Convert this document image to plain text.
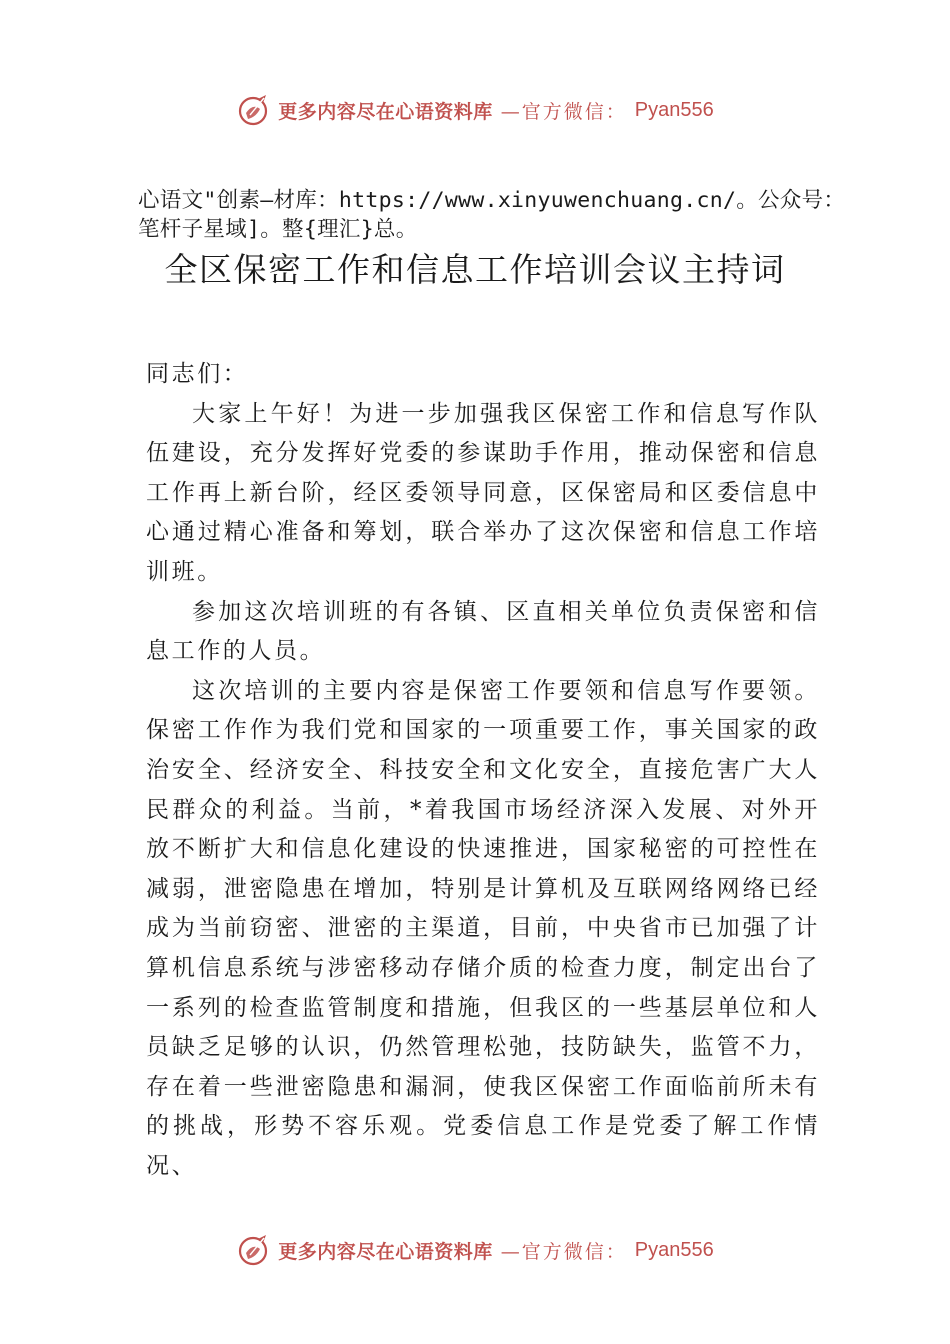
更多内容尽在心语资料库 —官方微信： Pyan556
心语文"创素—材库：https://www.xinyuwenchuang.cn/。公众号：笔杆子星域]。整{理汇}总。
全区保密工作和信息工作培训会议主持词

同志们：

大家上午好！为进一步加强我区保密工作和信息写作队伍建设，充分发挥好党委的参谋助手作用，推动保密和信息工作再上新台阶，经区委领导同意，区保密局和区委信息中心通过精心准备和筹划，联合举办了这次保密和信息工作培训班。

参加这次培训班的有各镇、区直相关单位负责保密和信息工作的人员。

这次培训的主要内容是保密工作要领和信息写作要领。保密工作作为我们党和国家的一项重要工作，事关国家的政治安全、经济安全、科技安全和文化安全，直接危害广大人民群众的利益。当前，*着我国市场经济深入发展、对外开放不断扩大和信息化建设的快速推进，国家秘密的可控性在减弱，泄密隐患在增加，特别是计算机及互联网络网络已经成为当前窃密、泄密的主渠道，目前，中央省市已加强了计算机信息系统与涉密移动存储介质的检查力度，制定出台了一系列的检查监管制度和措施，但我区的一些基层单位和人员缺乏足够的认识，仍然管理松弛，技防缺失，监管不力，存在着一些泄密隐患和漏洞，使我区保密工作面临前所未有的挑战，形势不容乐观。党委信息工作是党委了解工作情况、

更多内容尽在心语资料库 —官方微信： Pyan556
